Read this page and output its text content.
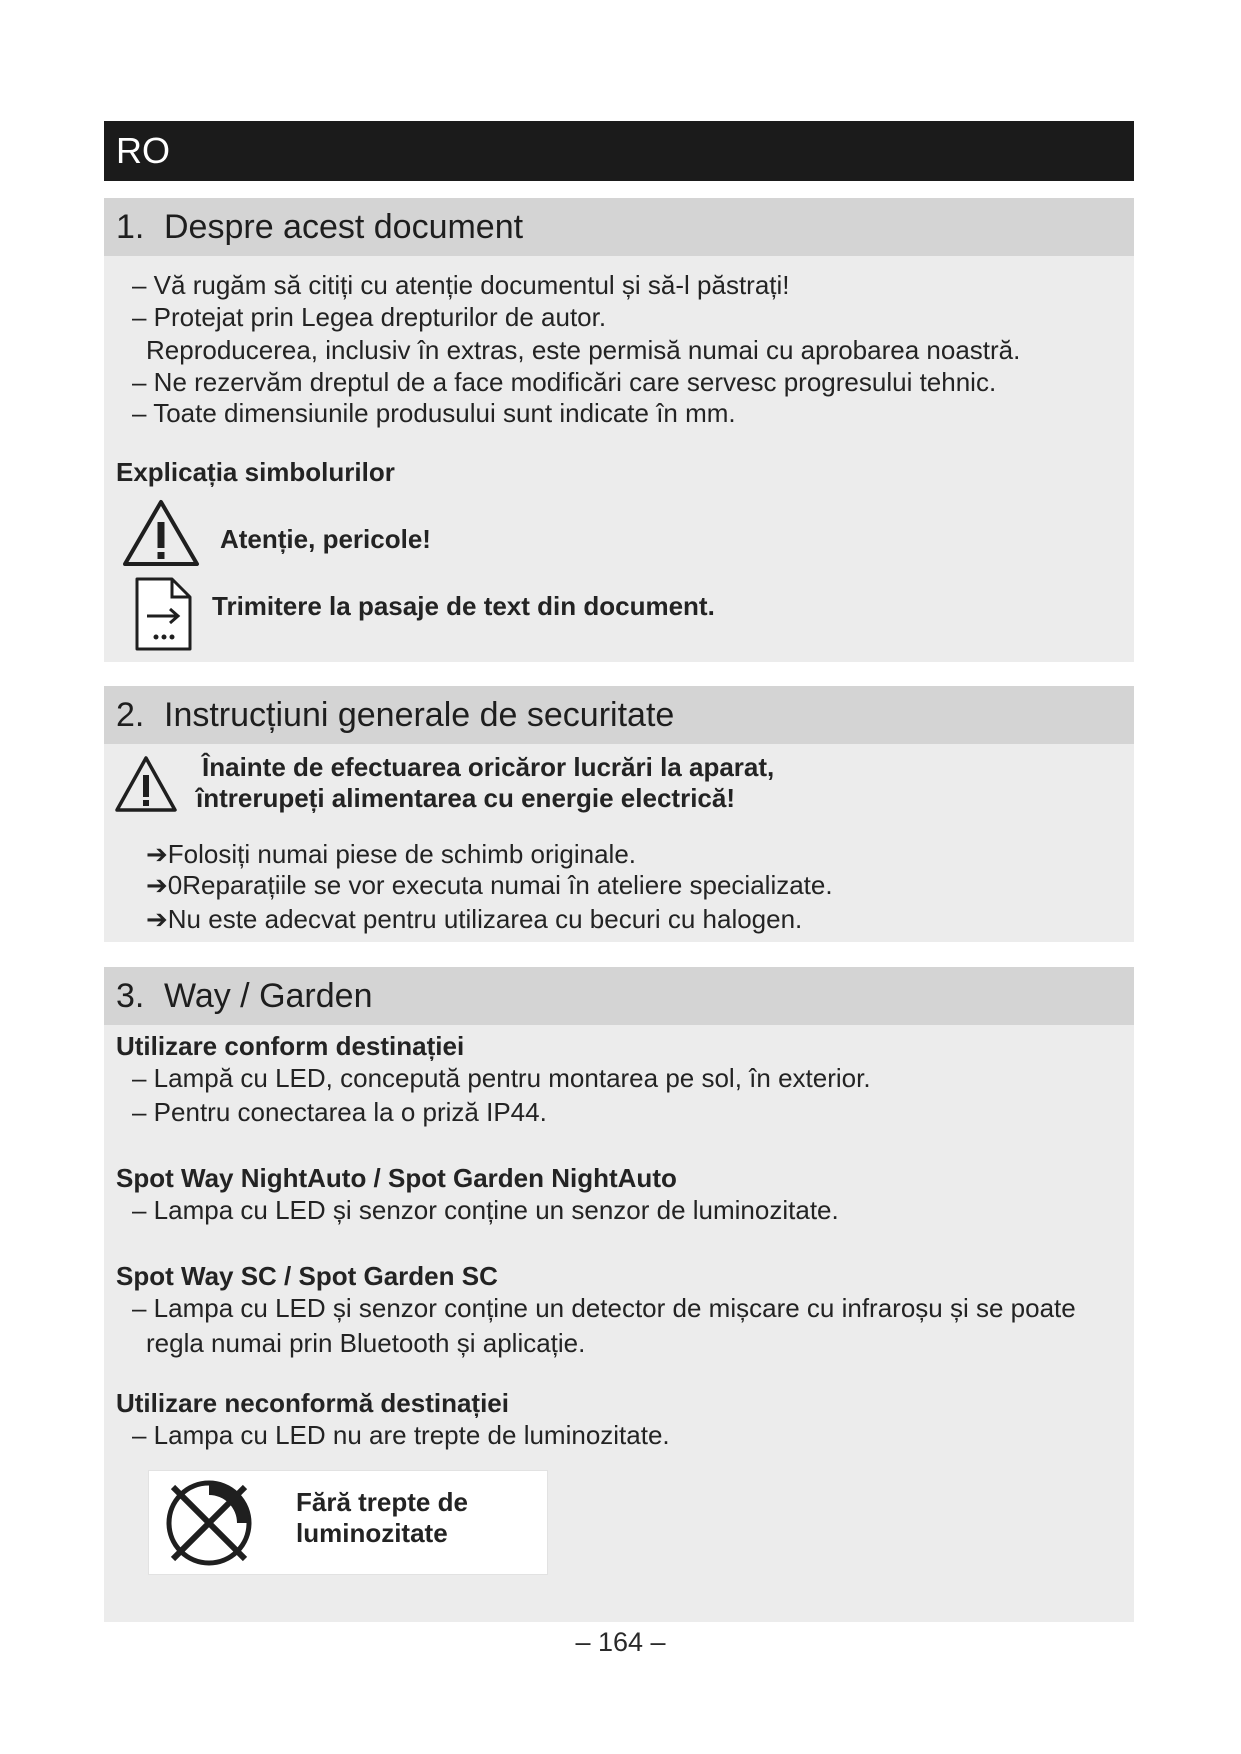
RO
1. Despre acest document
– Vă rugăm să citiți cu atenție documentul și să-l păstrați!
– Protejat prin Legea drepturilor de autor.
Reproducerea, inclusiv în extras, este permisă numai cu aprobarea noastră.
– Ne rezervăm dreptul de a face modificări care servesc progresului tehnic.
– Toate dimensiunile produsului sunt indicate în mm.
Explicația simbolurilor
Atenție, pericole!
Trimitere la pasaje de text din document.
2. Instrucțiuni generale de securitate
Înainte de efectuarea oricăror lucrări la aparat,
întrerupeți alimentarea cu energie electrică!
➔Folosiți numai piese de schimb originale.
➔0Reparațiile se vor executa numai în ateliere specializate.
➔Nu este adecvat pentru utilizarea cu becuri cu halogen.
3. Way / Garden
Utilizare conform destinației
– Lampă cu LED, concepută pentru montarea pe sol, în exterior.
– Pentru conectarea la o priză IP44.
Spot Way NightAuto / Spot Garden NightAuto
– Lampa cu LED și senzor conține un senzor de luminozitate.
Spot Way SC / Spot Garden SC
– Lampa cu LED și senzor conține un detector de mișcare cu infraroșu și se poate
regla numai prin Bluetooth și aplicație.
Utilizare neconformă destinației
– Lampa cu LED nu are trepte de luminozitate.
Fără trepte de
luminozitate
– 164 –
